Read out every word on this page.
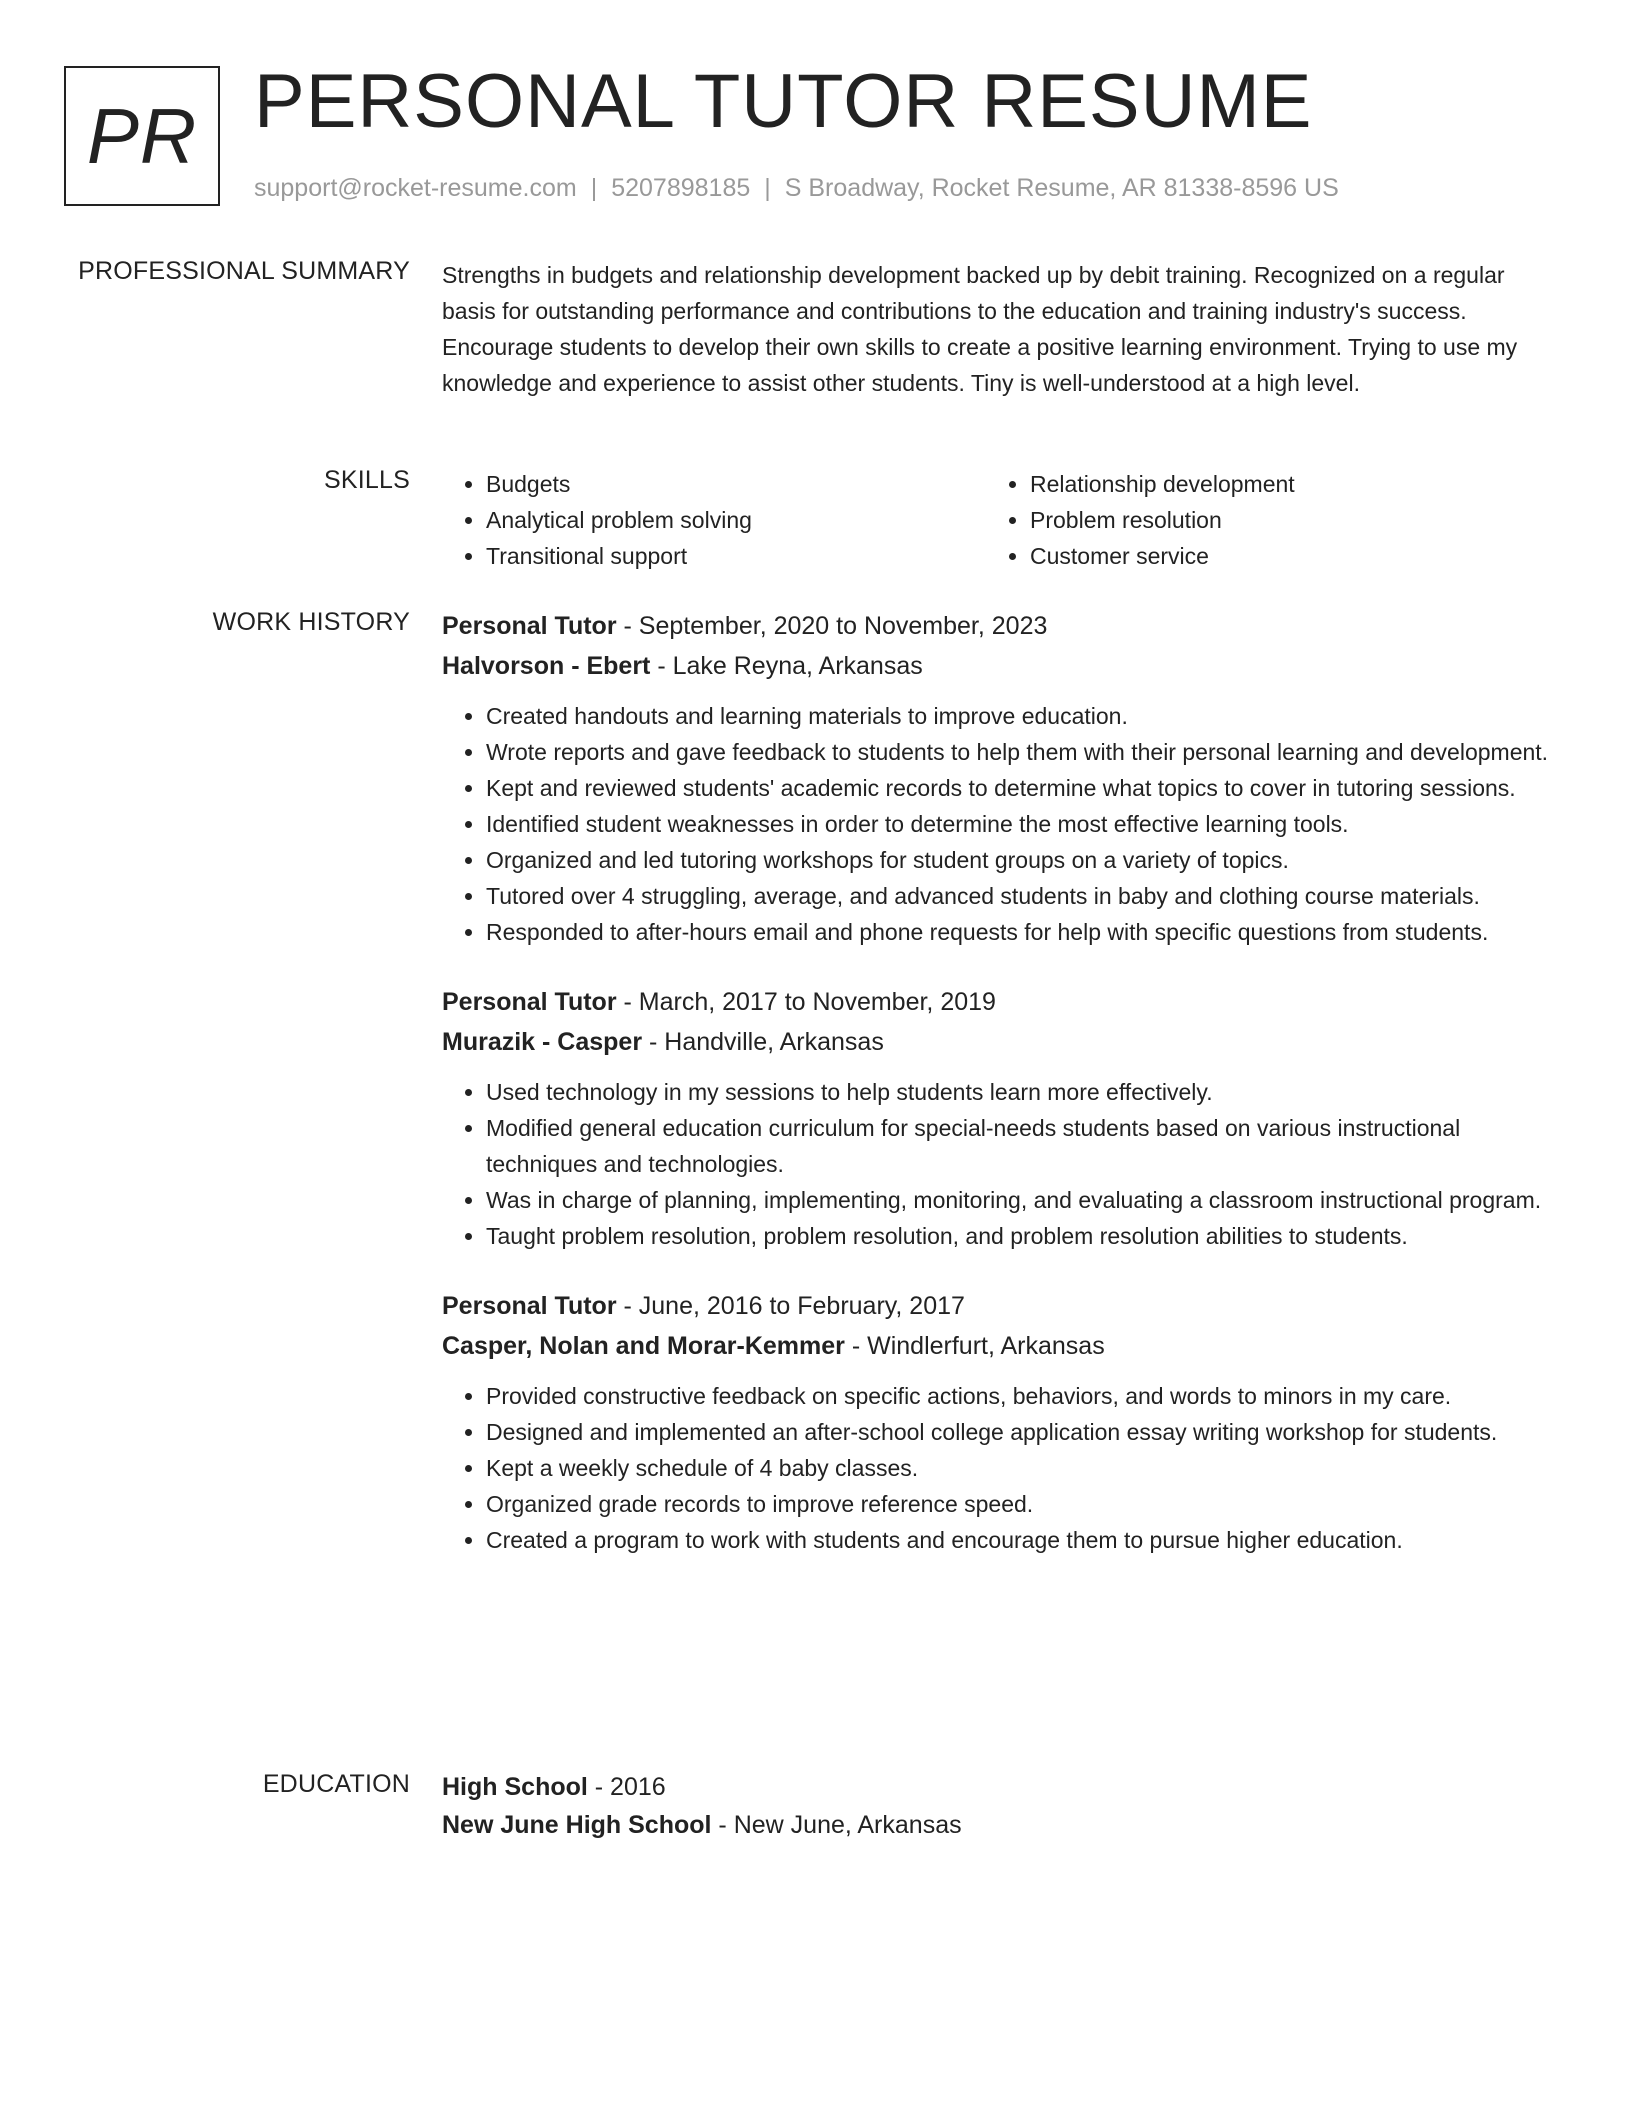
PR PERSONAL TUTOR RESUME
support@rocket-resume.com | 5207898185 | S Broadway, Rocket Resume, AR 81338-8596 US
PROFESSIONAL SUMMARY Strengths in budgets and relationship development backed up by debit training. Recognized on a regular basis for outstanding performance and contributions to the education and training industry's success. Encourage students to develop their own skills to create a positive learning environment. Trying to use my knowledge and experience to assist other students. Tiny is well-understood at a high level.

SKILLS
•	Budgets
• Analytical problem solving
• Transitional support
• Relationship development
• Problem resolution
• Customer service
WORK HISTORY Personal Tutor - September, 2020 to November, 2023
Halvorson - Ebert - Lake Reyna, Arkansas
• Created handouts and learning materials to improve education.
• Wrote reports and gave feedback to students to help them with their personal learning and development.
• Kept and reviewed students' academic records to determine what topics to cover in tutoring sessions.
• Identified student weaknesses in order to determine the most effective learning tools.
• Organized and led tutoring workshops for student groups on a variety of topics.
• Tutored over 4 struggling, average, and advanced students in baby and clothing course materials.
• Responded to after-hours email and phone requests for help with specific questions from students.
Personal Tutor - March, 2017 to November, 2019
Murazik - Casper - Handville, Arkansas
• Used technology in my sessions to help students learn more effectively.
• Modified general education curriculum for special-needs students based on various instructional techniques and technologies.
• Was in charge of planning, implementing, monitoring, and evaluating a classroom instructional program.
• Taught problem resolution, problem resolution, and problem resolution abilities to students.
Personal Tutor - June, 2016 to February, 2017
Casper, Nolan and Morar-Kemmer - Windlerfurt, Arkansas
• Provided constructive feedback on specific actions, behaviors, and words to minors in my care.
• Designed and implemented an after-school college application essay writing workshop for students.
• Kept a weekly schedule of 4 baby classes.
• Organized grade records to improve reference speed.
• Created a program to work with students and encourage them to pursue higher education.
EDUCATION High School - 2016
New June High School - New June, Arkansas
